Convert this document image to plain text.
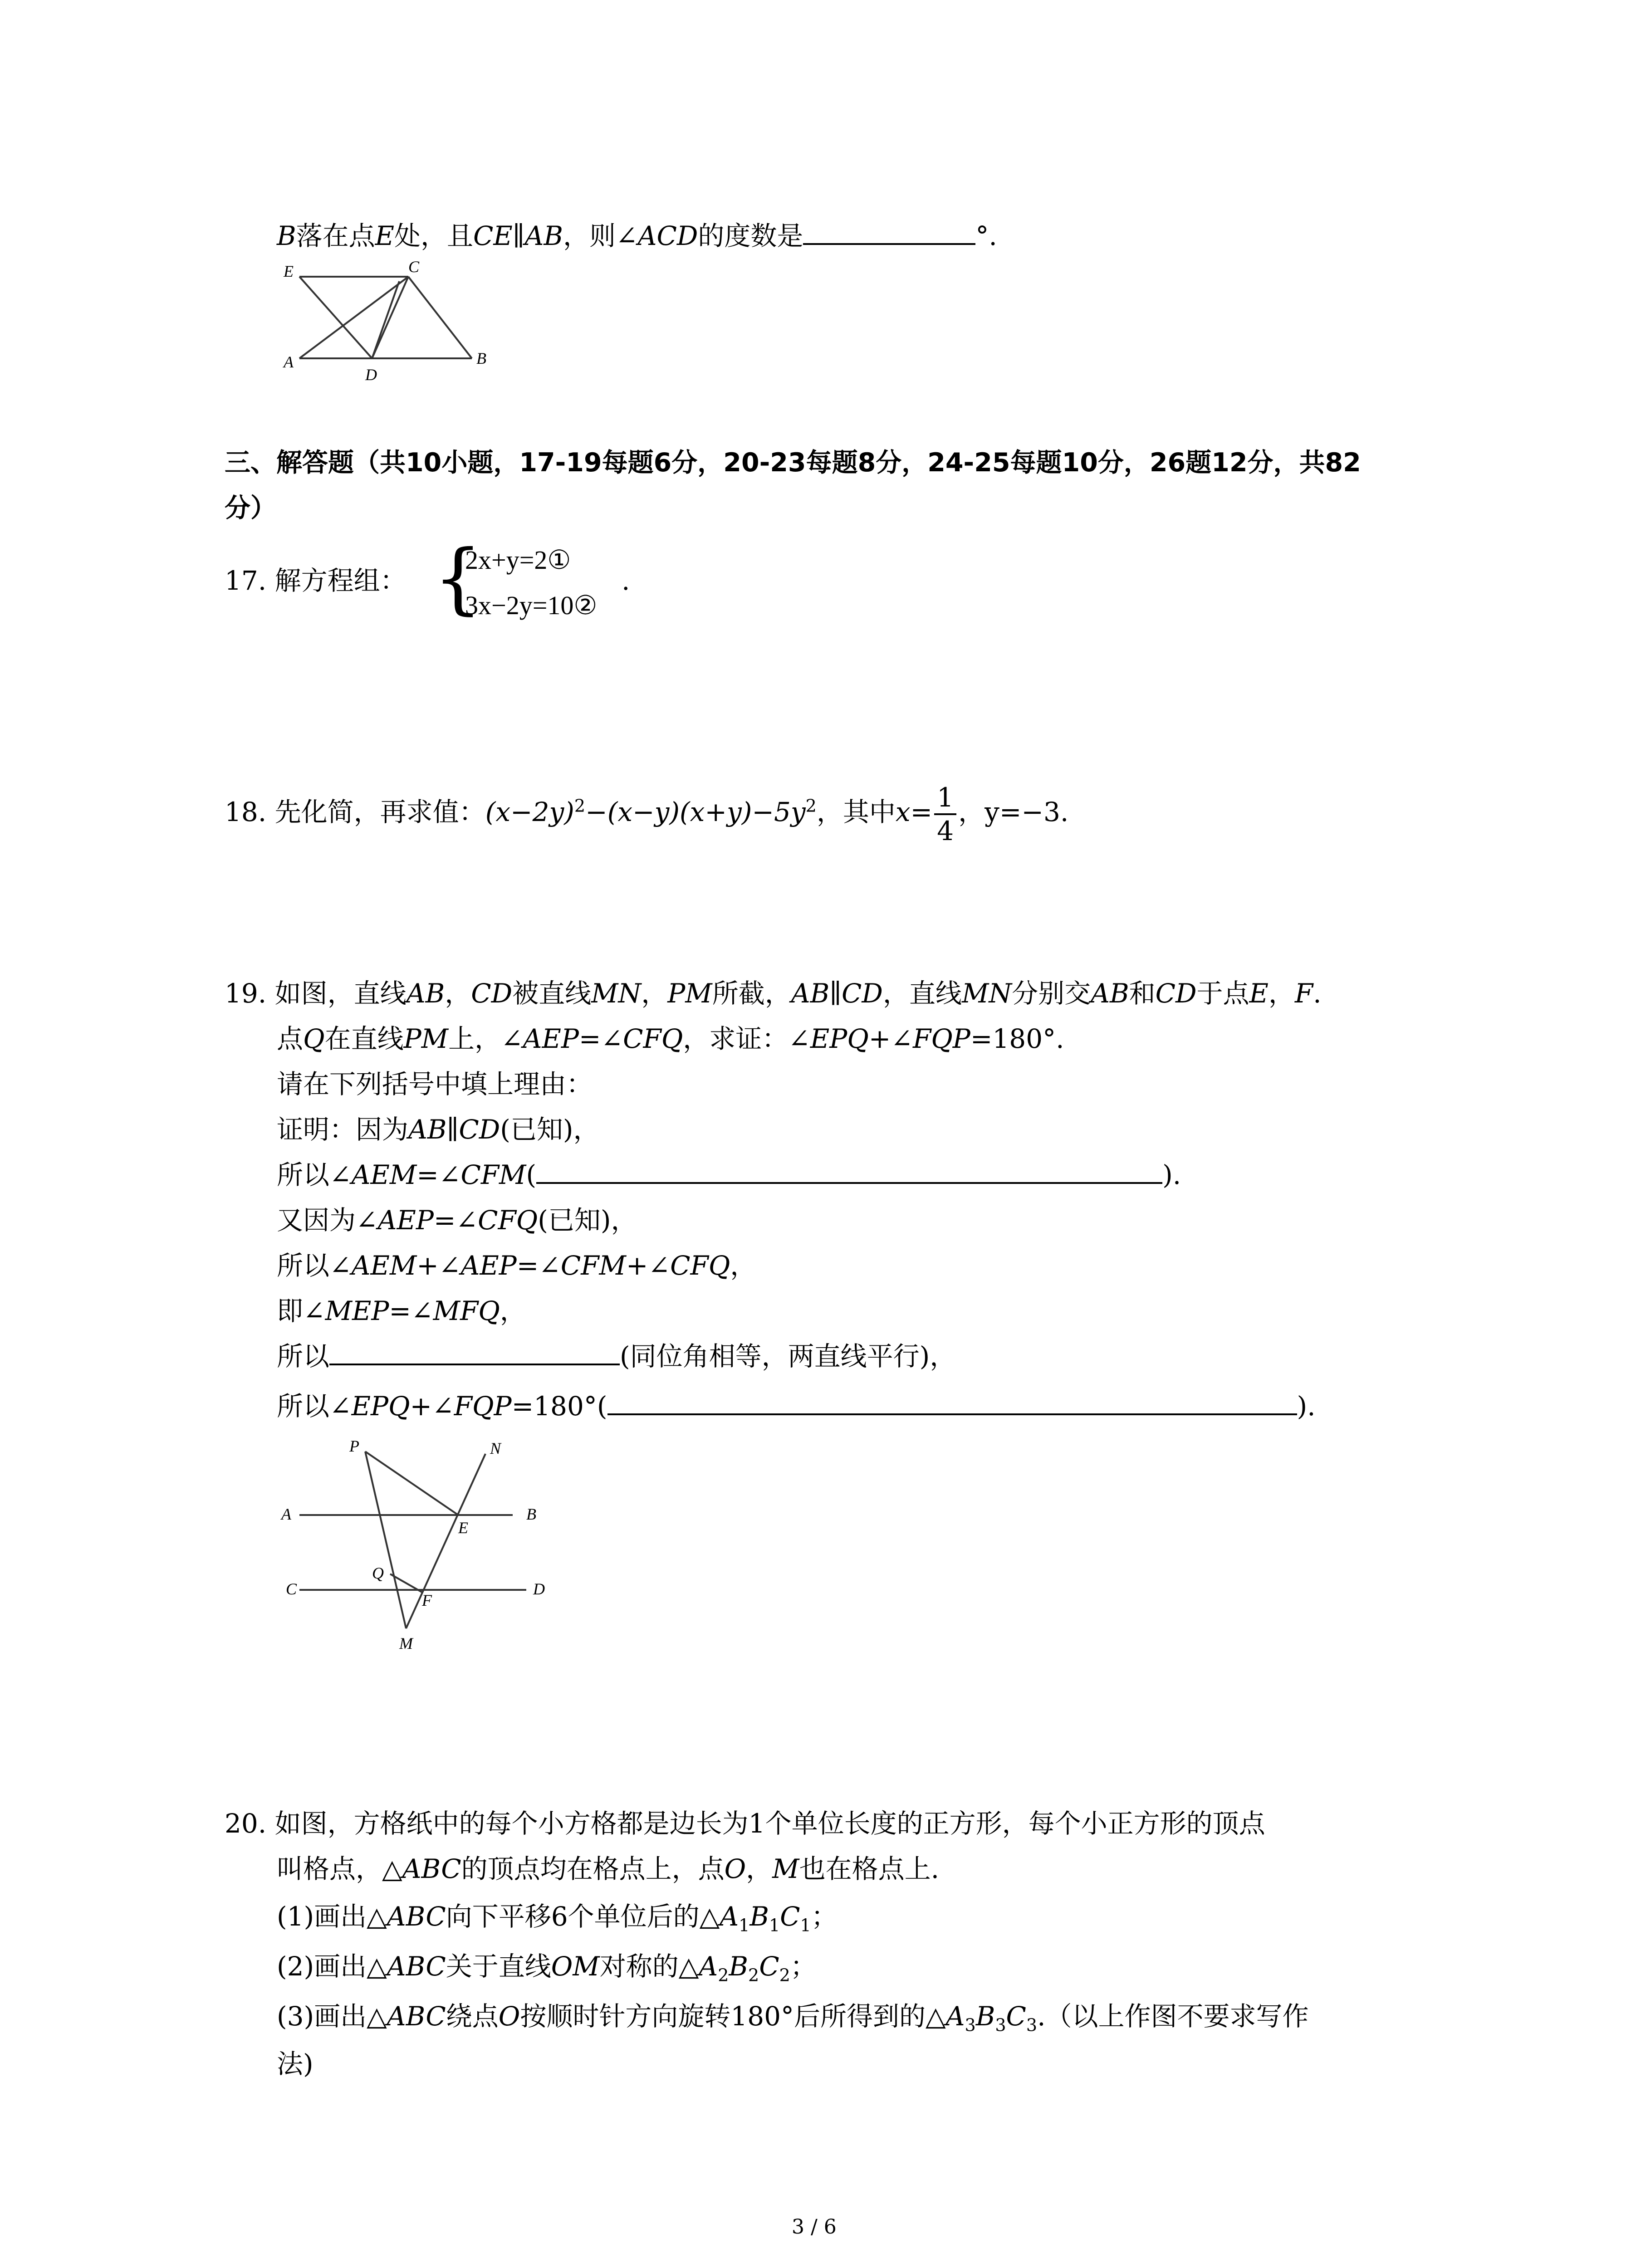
B落在点E处，且CE∥AB，则∠ACD的度数是	°.
E	C
A
D
B
三、解答题（共10小题，17-19每题6分，20-23每题8分，24-25每题10分，26题12分，共82
分）
17. 解方程组： {
2x+y=2①
3x−2y=10②
.
18. 先化简，再求值：$(x-2y)^2-(x-y)(x+y)-5y^2$，其中$x= \frac{1}{4}$ ，y=−3.
19. 如图，直线AB，CD被直线MN，PM所截，AB∥CD，直线MN分别交AB和CD于点E，F.
点Q在直线PM上，∠AEP=∠CFQ，求证：∠EPQ+∠FQP=180°.
请在下列括号中填上理由：
证明：因为AB∥CD(已知)，
所以∠AEM=∠CFM(	).
又因为∠AEP=∠CFQ(已知)，
所以∠AEM+∠AEP=∠CFM+∠CFQ，
即∠MEP=∠MFQ，
所以	(同位角相等，两直线平行)，
所以∠EPQ+∠FQP=180°(	).
P	N
A	B
E
Q
C
F
D
M
20. 如图，方格纸中的每个小方格都是边长为1个单位长度的正方形，每个小正方形的顶点
叫格点，△ABC的顶点均在格点上，点O，M也在格点上.
(1)画出△ABC向下平移6个单位后的$\triangle A_1B_1C_1$；
(2)画出△ABC关于直线OM对称的$\triangle A_2B_2C_2$；
(3)画出△ABC绕点O按顺时针方向旋转180°后所得到的$\triangle A_3B_3C_3$.（以上作图不要求写作
法)
3 / 6
